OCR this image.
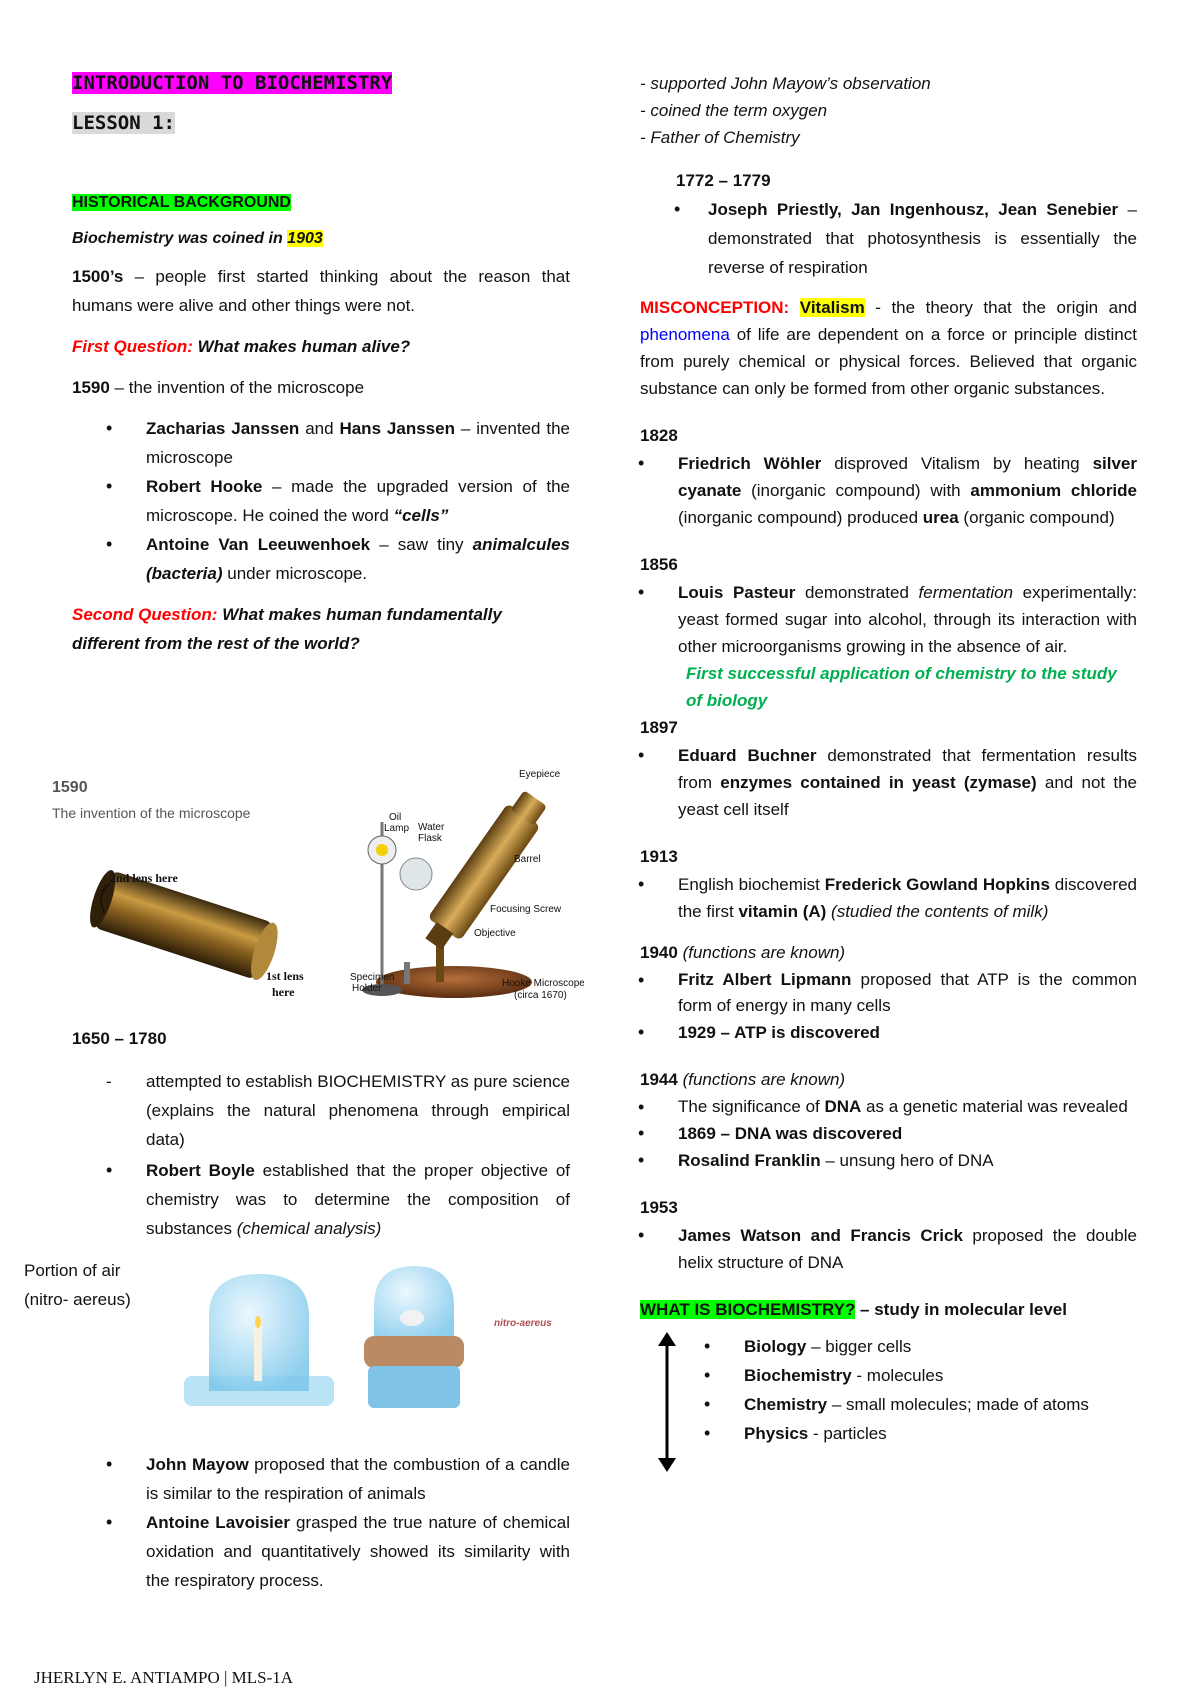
INTRODUCTION TO BIOCHEMISTRY

LESSON 1:

HISTORICAL BACKGROUND

Biochemistry was coined in 1903

1500’s – people first started thinking about the reason that humans were alive and other things were not.

First Question: What makes human alive?

1590 – the invention of the microscope

• Zacharias Janssen and Hans Janssen – invented the microscope
• Robert Hooke – made the upgraded version of the microscope. He coined the word “cells”
• Antoine Van Leeuwenhoek – saw tiny animalcules (bacteria) under microscope.

Second Question: What makes human fundamentally different from the rest of the world?

1590
The invention of the microscope
2nd lens here
1st lens
here
Eyepiece
Oil
Lamp Water
Flask
Barrel
Focusing Screw
Objective
Specimen
Holder	Hooke Microscope
(circa 1670)

1650 – 1780

- attempted to establish BIOCHEMISTRY as pure science (explains the natural phenomena through empirical data)
• Robert Boyle established that the proper objective of chemistry was to determine the composition of substances (chemical analysis)
Portion of air
(nitro- aereus)
nitro-aereus
• John Mayow proposed that the combustion of a candle is similar to the respiration of animals
• Antoine Lavoisier grasped the true nature of chemical oxidation and quantitatively showed its similarity with the respiratory process.
- supported John Mayow’s observation
- coined the term oxygen
- Father of Chemistry

1772 – 1779

• Joseph Priestly, Jan Ingenhousz, Jean Senebier – demonstrated that photosynthesis is essentially the reverse of respiration

MISCONCEPTION: Vitalism - the theory that the origin and phenomena of life are dependent on a force or principle distinct from purely chemical or physical forces. Believed that organic substance can only be formed from other organic substances.

1828

• Friedrich Wöhler disproved Vitalism by heating silver cyanate (inorganic compound) with ammonium chloride (inorganic compound) produced urea (organic compound)

1856

• Louis Pasteur demonstrated fermentation experimentally: yeast formed sugar into alcohol, through its interaction with other microorganisms growing in the absence of air.

First successful application of chemistry to the study of biology

1897

• Eduard Buchner demonstrated that fermentation results from enzymes contained in yeast (zymase) and not the yeast cell itself

1913

• English biochemist Frederick Gowland Hopkins discovered the first vitamin (A) (studied the contents of milk)

1940 (functions are known)

• Fritz Albert Lipmann proposed that ATP is the common form of energy in many cells
• 1929 – ATP is discovered

1944 (functions are known)

• The significance of DNA as a genetic material was revealed
• 1869 – DNA was discovered
• Rosalind Franklin – unsung hero of DNA

1953

• James Watson and Francis Crick proposed the double helix structure of DNA

WHAT IS BIOCHEMISTRY? – study in molecular level

• Biology – bigger cells
• Biochemistry - molecules
• Chemistry – small molecules; made of atoms
• Physics - particles
JHERLYN E. ANTIAMPO | MLS-1A
